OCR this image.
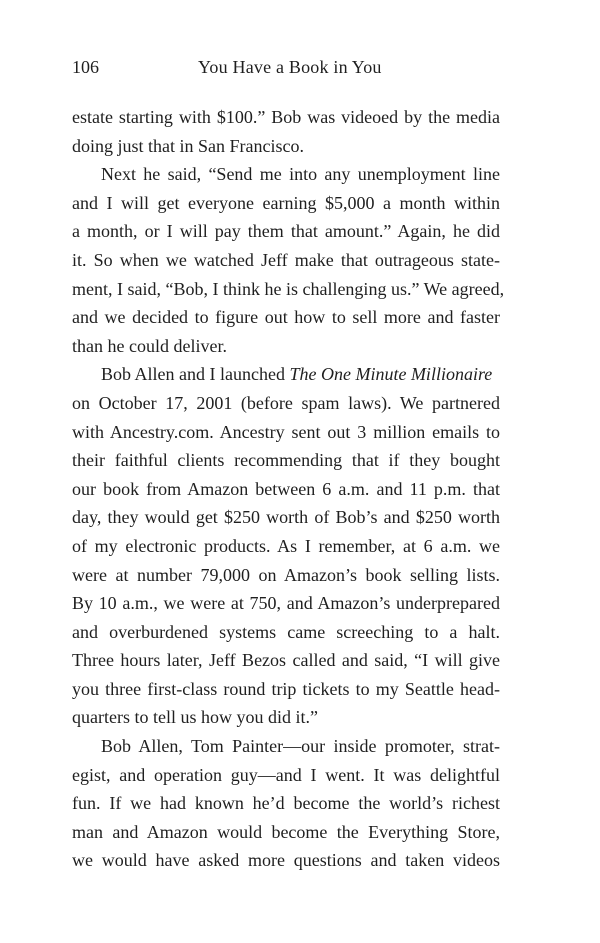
106	You Have a Book in You
estate starting with $100.” Bob was videoed by the media
doing just that in San Francisco.
Next he said, “Send me into any unemployment line
and I will get everyone earning $5,000 a month within
a month, or I will pay them that amount.” Again, he did
it. So when we watched Jeff make that outrageous state-
ment, I said, “Bob, I think he is challenging us.” We agreed,
and we decided to figure out how to sell more and faster
than he could deliver.
Bob Allen and I launched The One Minute Millionaire
on October 17, 2001 (before spam laws). We partnered
with Ancestry.com. Ancestry sent out 3 million emails to
their faithful clients recommending that if they bought
our book from Amazon between 6 a.m. and 11 p.m. that
day, they would get $250 worth of Bob’s and $250 worth
of my electronic products. As I remember, at 6 a.m. we
were at number 79,000 on Amazon’s book selling lists.
By 10 a.m., we were at 750, and Amazon’s underprepared
and overburdened systems came screeching to a halt.
Three hours later, Jeff Bezos called and said, “I will give
you three first-class round trip tickets to my Seattle head-
quarters to tell us how you did it.”
Bob Allen, Tom Painter—our inside promoter, strat-
egist, and operation guy—and I went. It was delightful
fun. If we had known he’d become the world’s richest
man and Amazon would become the Everything Store,
we would have asked more questions and taken videos
